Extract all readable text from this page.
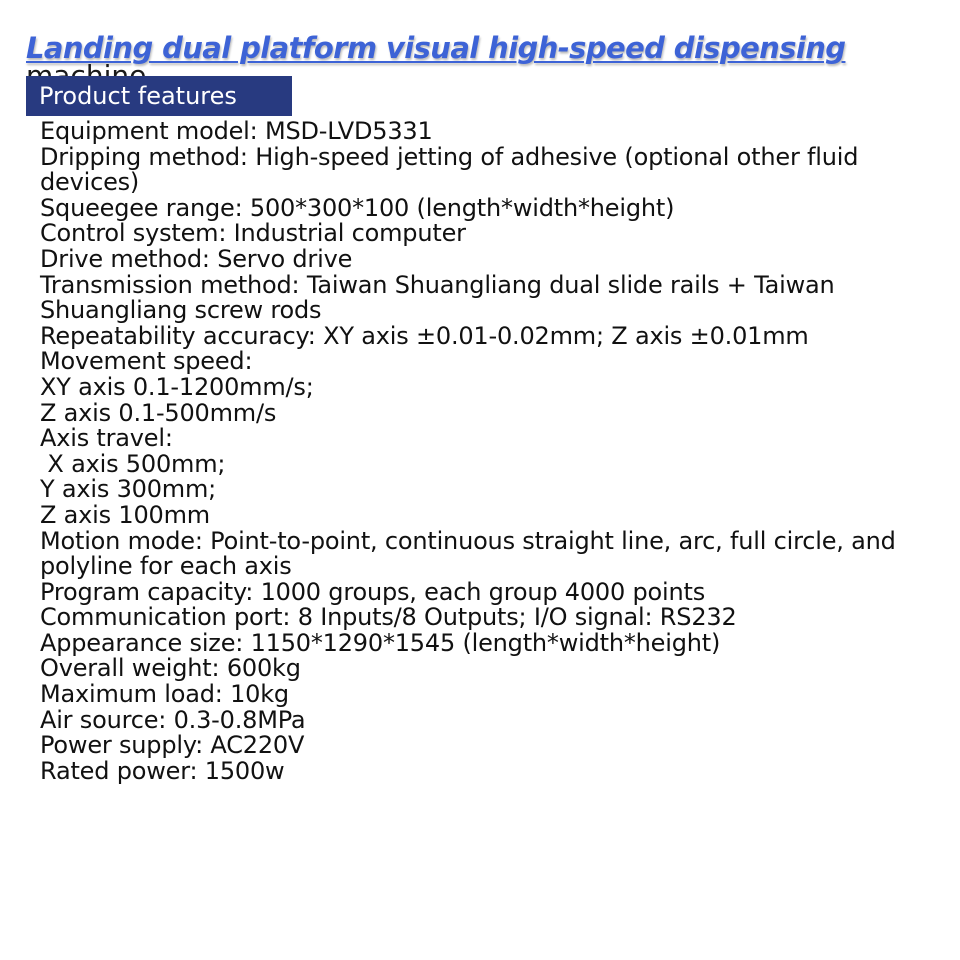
Landing dual platform visual high-speed dispensing
Product features
Equipment model: MSD-LVD5331
Dripping method: High-speed jetting of adhesive (optional other fluid devices)
Squeegee range: 500*300*100 (length*width*height)
Control system: Industrial computer
Drive method: Servo drive
Transmission method: Taiwan Shuangliang dual slide rails + Taiwan Shuangliang screw rods
Repeatability accuracy: XY axis ±0.01-0.02mm; Z axis ±0.01mm
Movement speed:
XY axis 0.1-1200mm/s;
Z axis 0.1-500mm/s
Axis travel:
X axis 500mm;
Y axis 300mm;
Z axis 100mm
Motion mode: Point-to-point, continuous straight line, arc, full circle, and polyline for each axis
Program capacity: 1000 groups, each group 4000 points
Communication port: 8 Inputs/8 Outputs; I/O signal: RS232
Appearance size: 1150*1290*1545 (length*width*height)
Overall weight: 600kg
Maximum load: 10kg
Air source: 0.3-0.8MPa
Power supply: AC220V
Rated power: 1500w
